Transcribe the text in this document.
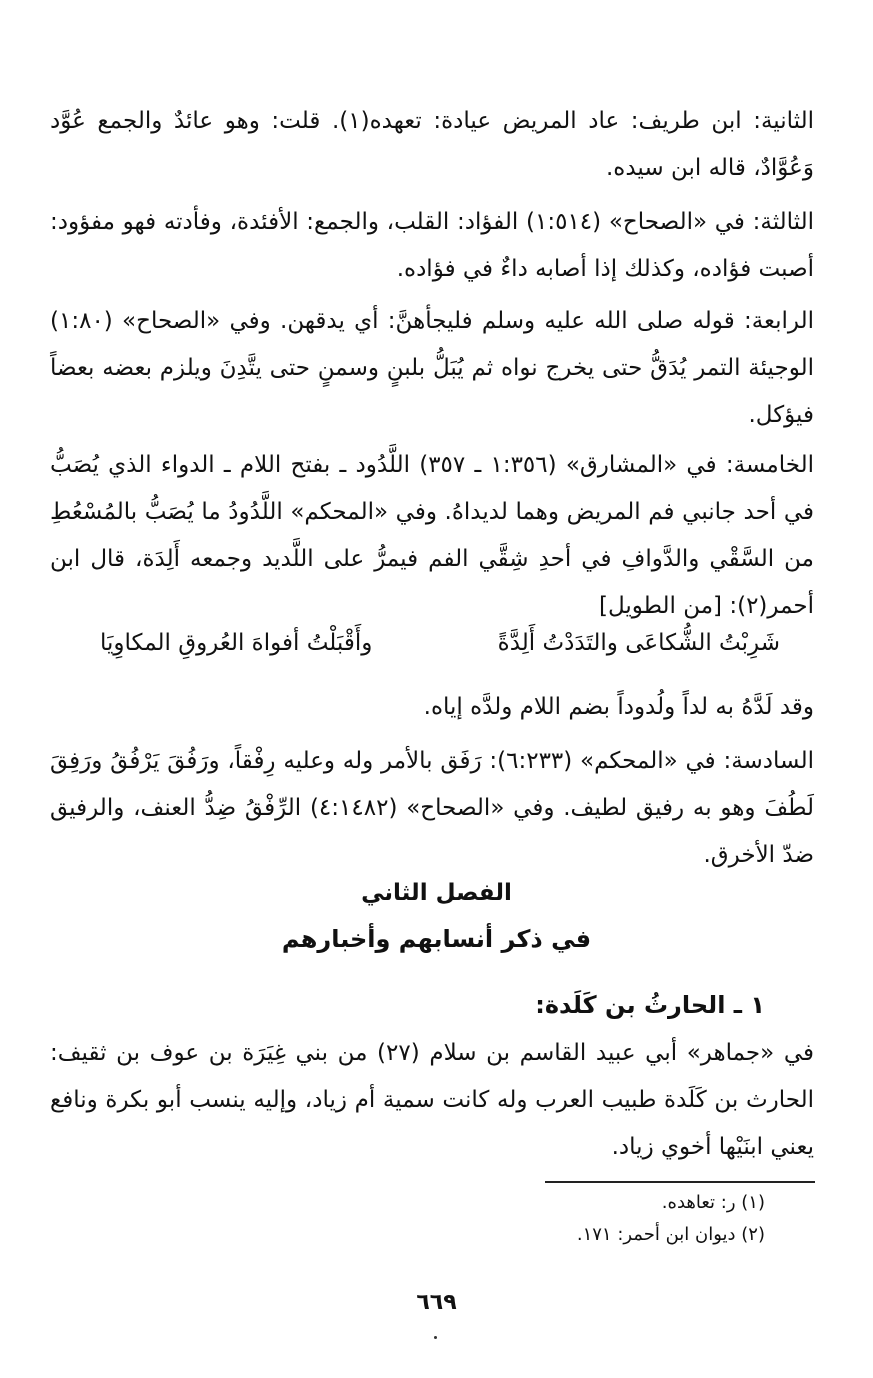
الثانية: ابن طريف: عاد المريض عيادة: تعهده(١). قلت: وهو عائدٌ والجمع عُوَّد وَعُوَّادٌ، قاله ابن سيده.

الثالثة: في «الصحاح» (١:٥١٤) الفؤاد: القلب، والجمع: الأفئدة، وفأدته فهو مفؤود: أصبت فؤاده، وكذلك إذا أصابه داءٌ في فؤاده.

الرابعة: قوله صلى الله عليه وسلم فليجأهنَّ: أي يدقهن. وفي «الصحاح» (١:٨٠) الوجيئة التمر يُدَقُّ حتى يخرج نواه ثم يُبَلُّ بلبنٍ وسمنٍ حتى يتَّدِنَ ويلزم بعضه بعضاً فيؤكل.

الخامسة: في «المشارق» (١:٣٥٦ ـ ٣٥٧) اللَّدُود ـ بفتح اللام ـ الدواء الذي يُصَبُّ في أحد جانبي فم المريض وهما لديداهُ. وفي «المحكم» اللَّدُودُ ما يُصَبُّ بالمُسْعُطِ من السَّقْي والدَّوافِ في أحدِ شِقَّي الفم فيمرُّ على اللَّديد وجمعه أَلِدَة، قال ابن أحمر(٢): [من الطويل]

شَرِبْتُ الشُّكاعَى والتَدَدْتُ أَلِدَّةً
وأَقْبَلْتُ أفواهَ العُروقِ المكاوِيَا

وقد لَدَّهُ به لداً ولُدوداً بضم اللام ولدَّه إياه.

السادسة: في «المحكم» (٦:٢٣٣): رَفَق بالأمر وله وعليه رِفْقاً، ورَفُقَ يَرْفُقُ ورَفِقَ لَطُفَ وهو به رفيق لطيف. وفي «الصحاح» (٤:١٤٨٢) الرِّفْقُ ضِدُّ العنف، والرفيق ضدّ الأخرق.

الفصل الثاني
في ذكر أنسابهم وأخبارهم
١ ـ الحارثُ بن كَلَدة:

في «جماهر» أبي عبيد القاسم بن سلام (٢٧) من بني غِيَرَة بن عوف بن ثقيف: الحارث بن كَلَدة طبيب العرب وله كانت سمية أم زياد، وإليه ينسب أبو بكرة ونافع يعني ابنَيْها أخوي زياد.

(١) ر: تعاهده.
(٢) ديوان ابن أحمر: ١٧١.
٦٦٩
